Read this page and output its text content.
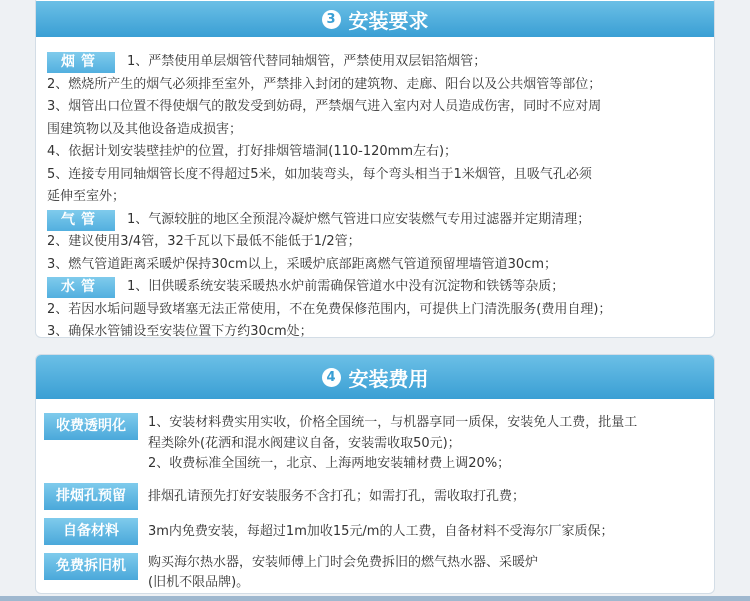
3 安装要求
烟管 1、严禁使用单层烟管代替同轴烟管，严禁使用双层铝箔烟管；
2、燃烧所产生的烟气必须排至室外，严禁排入封闭的建筑物、走廊、阳台以及公共烟管等部位；
3、烟管出口位置不得使烟气的散发受到妨碍，严禁烟气进入室内对人员造成伤害，同时不应对周
围建筑物以及其他设备造成损害；
4、依据计划安装壁挂炉的位置，打好排烟管墙洞(110-120mm左右)；
5、连接专用同轴烟管长度不得超过5米，如加装弯头，每个弯头相当于1米烟管，且吸气孔必须
延伸至室外；
气管 1、气源较脏的地区全预混冷凝炉燃气管进口应安装燃气专用过滤器并定期清理；
2、建议使用3/4管，32千瓦以下最低不能低于1/2管；
3、燃气管道距离采暖炉保持30cm以上，采暖炉底部距离燃气管道预留埋墙管道30cm；
水管 1、旧供暖系统安装采暖热水炉前需确保管道水中没有沉淀物和铁锈等杂质；
2、若因水垢问题导致堵塞无法正常使用，不在免费保修范围内，可提供上门清洗服务(费用自理)；
3、确保水管铺设至安装位置下方约30cm处；
4 安装费用
收费透明化	1、安装材料费实用实收，价格全国统一，与机器享同一质保，安装免人工费，批量工
程类除外(花洒和混水阀建议自备，安装需收取50元)；
2、收费标准全国统一，北京、上海两地安装辅材费上调20%；
排烟孔预留	排烟孔请预先打好安装服务不含打孔；如需打孔，需收取打孔费；
自备材料	3m内免费安装，每超过1m加收15元/m的人工费，自备材料不受海尔厂家质保；
免费拆旧机	购买海尔热水器，安装师傅上门时会免费拆旧的燃气热水器、采暖炉
(旧机不限品牌)。
